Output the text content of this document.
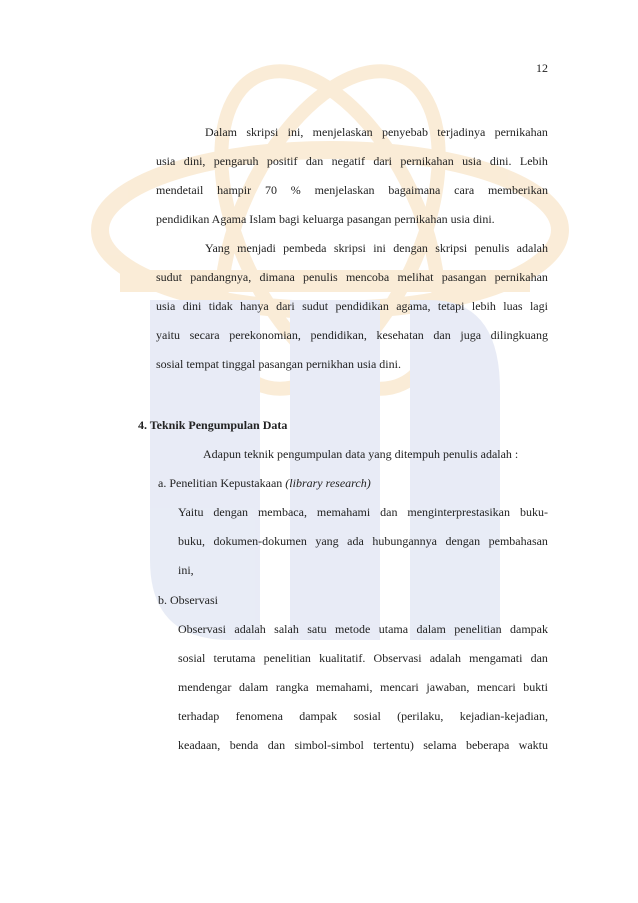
12
Dalam skripsi ini, menjelaskan penyebab terjadinya pernikahan
usia dini, pengaruh positif dan negatif dari pernikahan usia dini. Lebih
mendetail hampir 70 % menjelaskan bagaimana cara memberikan
pendidikan Agama Islam bagi keluarga pasangan pernikahan usia dini.
Yang menjadi pembeda skripsi ini dengan skripsi penulis adalah
sudut pandangnya, dimana penulis mencoba melihat pasangan pernikahan
usia dini tidak hanya dari sudut pendidikan agama, tetapi lebih luas lagi
yaitu secara perekonomian, pendidikan, kesehatan dan juga dilingkuang
sosial tempat tinggal pasangan pernikhan usia dini.
4. Teknik Pengumpulan Data
Adapun teknik pengumpulan data yang ditempuh penulis adalah :
a. Penelitian Kepustakaan (library research)
Yaitu dengan membaca, memahami dan menginterprestasikan buku-
buku, dokumen-dokumen yang ada hubungannya dengan pembahasan
ini,
b. Observasi
Observasi adalah salah satu metode utama dalam penelitian dampak
sosial terutama penelitian kualitatif. Observasi adalah mengamati dan
mendengar dalam rangka memahami, mencari jawaban, mencari bukti
terhadap fenomena dampak sosial (perilaku, kejadian-kejadian,
keadaan, benda dan simbol-simbol tertentu) selama beberapa waktu
